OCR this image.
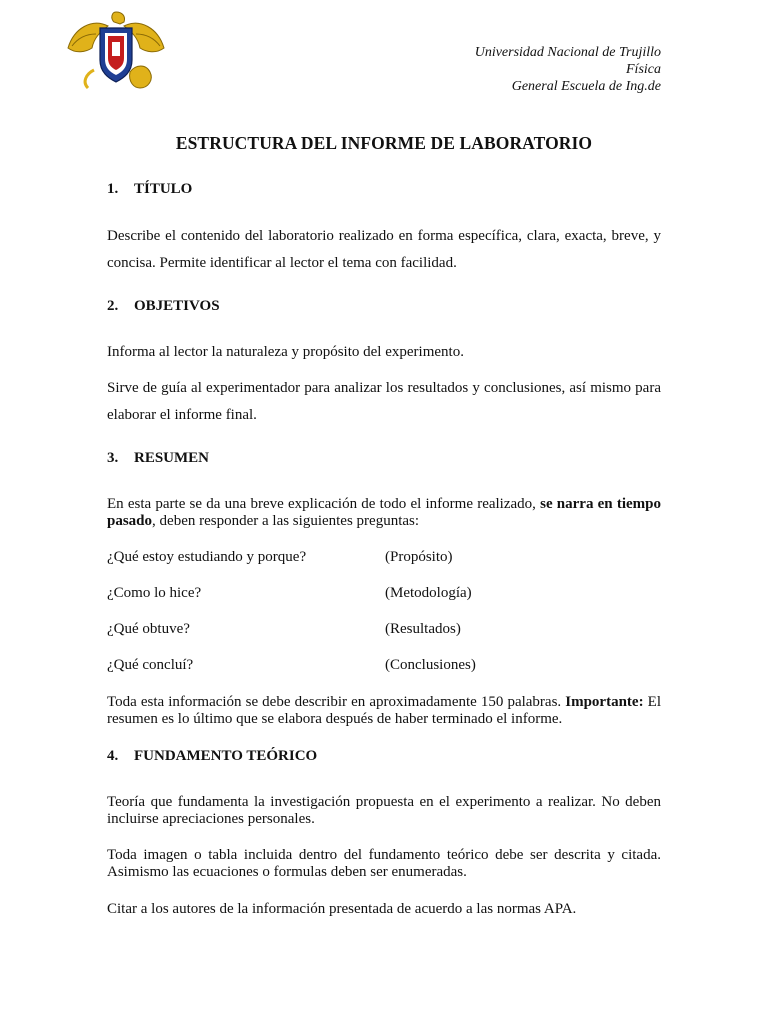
Universidad Nacional de Trujillo
Física
General Escuela de Ing.de
ESTRUCTURA DEL INFORME DE LABORATORIO
1. TÍTULO
Describe el contenido del laboratorio realizado en forma específica, clara, exacta, breve, y concisa. Permite identificar al lector el tema con facilidad.
2. OBJETIVOS
Informa al lector la naturaleza y propósito del experimento.
Sirve de guía al experimentador para analizar los resultados y conclusiones, así mismo para elaborar el informe final.
3. RESUMEN
En esta parte se da una breve explicación de todo el informe realizado, se narra en tiempo pasado, deben responder a las siguientes preguntas:
¿Qué estoy estudiando y porque?	(Propósito)
¿Como lo hice?	(Metodología)
¿Qué obtuve?	(Resultados)
¿Qué concluí?	(Conclusiones)
Toda esta información se debe describir en aproximadamente 150 palabras. Importante: El resumen es lo último que se elabora después de haber terminado el informe.
4. FUNDAMENTO TEÓRICO
Teoría que fundamenta la investigación propuesta en el experimento a realizar. No deben incluirse apreciaciones personales.
Toda imagen o tabla incluida dentro del fundamento teórico debe ser descrita y citada. Asimismo las ecuaciones o formulas deben ser enumeradas.
Citar a los autores de la información presentada de acuerdo a las normas APA.
